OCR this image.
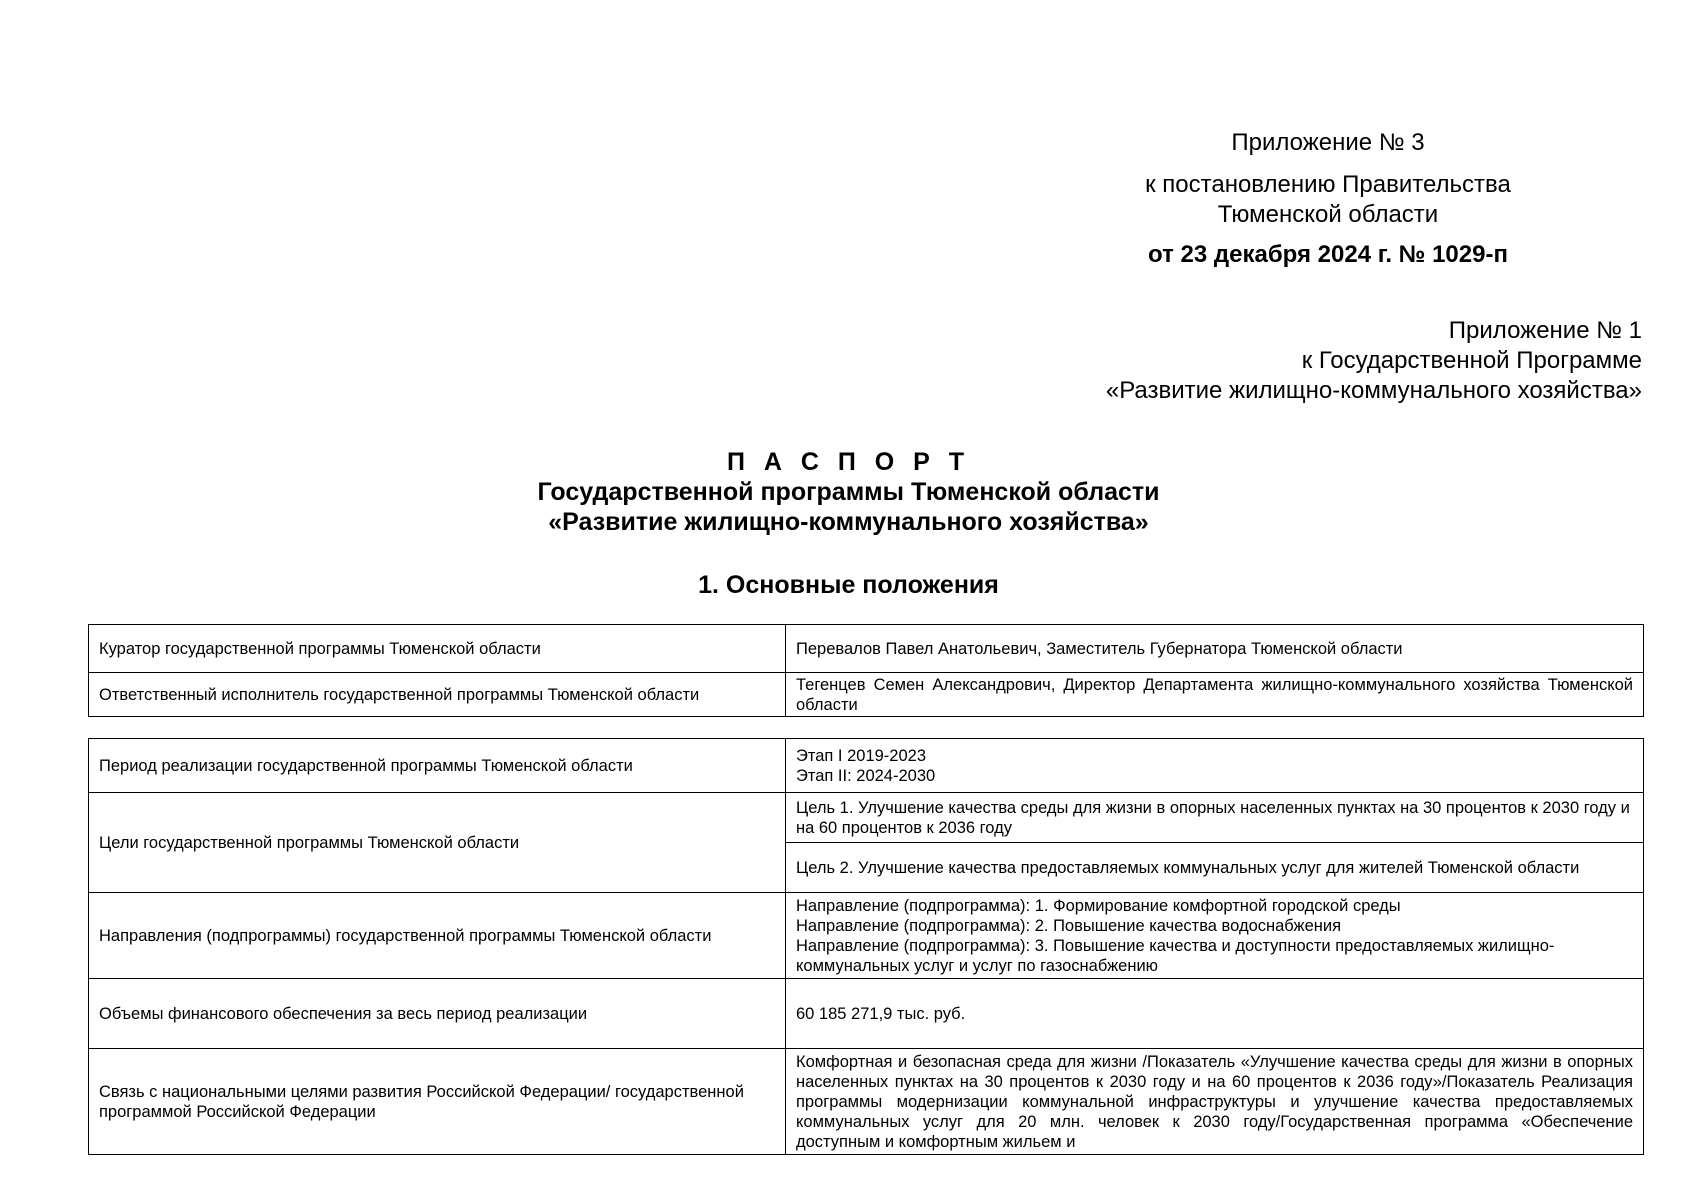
Приложение № 3
к постановлению Правительства
Тюменской области
от 23 декабря 2024 г. № 1029-п
Приложение № 1
к Государственной Программе
«Развитие жилищно-коммунального хозяйства»
П А С П О Р Т
Государственной программы Тюменской области
«Развитие жилищно-коммунального хозяйства»
1. Основные положения
Куратор государственной программы Тюменской области	Перевалов Павел Анатольевич, Заместитель Губернатора Тюменской области
Ответственный исполнитель государственной программы Тюменской области	Тегенцев Семен Александрович, Директор Департамента жилищно-коммунального хозяйства Тюменской области
Период реализации государственной программы Тюменской области	Этап I 2019-2023
Этап II: 2024-2030

Цели государственной программы Тюменской области	Цель 1. Улучшение качества среды для жизни в опорных населенных пунктах на 30 процентов к 2030 году и на 60 процентов к 2036 году
	Цель 2. Улучшение качества предоставляемых коммунальных услуг для жителей Тюменской области
Направления (подпрограммы) государственной программы Тюменской области	Направление (подпрограмма): 1. Формирование комфортной городской среды
Направление (подпрограмма): 2. Повышение качества водоснабжения
Направление (подпрограмма): 3. Повышение качества и доступности предоставляемых жилищно-коммунальных услуг и услуг по газоснабжению

Объемы финансового обеспечения за весь период реализации	60 185 271,9 тыс. руб.
Связь с национальными целями развития Российской Федерации/ государственной программой Российской Федерации	Комфортная и безопасная среда для жизни /Показатель «Улучшение качества среды для жизни в опорных населенных пунктах на 30 процентов к 2030 году и на 60 процентов к 2036 году»/Показатель Реализация программы модернизации коммунальной инфраструктуры и улучшение качества предоставляемых коммунальных услуг для 20 млн. человек к 2030 году/Государственная программа «Обеспечение доступным и комфортным жильем и
